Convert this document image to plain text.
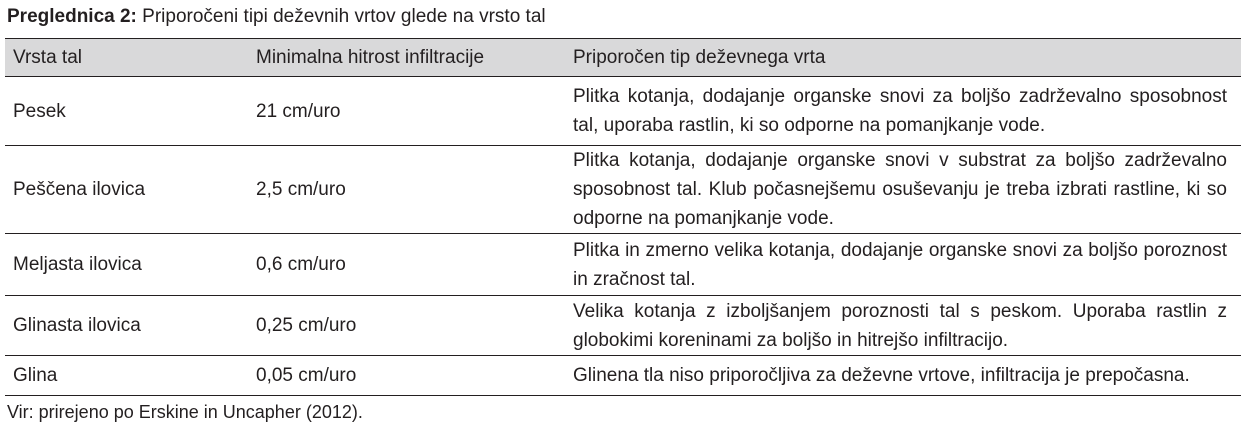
Preglednica 2: Priporočeni tipi deževnih vrtov glede na vrsto tal
Vrsta tal	Minimalna hitrost infiltracije	Priporočen tip deževnega vrta
Pesek	21 cm/uro	Plitka kotanja, dodajanje organske snovi za boljšo zadrževalno sposobnost tal, uporaba rastlin, ki so odporne na pomanjkanje vode.
Peščena ilovica	2,5 cm/uro	Plitka kotanja, dodajanje organske snovi v substrat za boljšo zadrževalno sposobnost tal. Klub počasnejšemu osuševanju je treba izbrati rastline, ki so odporne na pomanjkanje vode.
Meljasta ilovica	0,6 cm/uro	Plitka in zmerno velika kotanja, dodajanje organske snovi za boljšo poroznost in zračnost tal.
Glinasta ilovica	0,25 cm/uro	Velika kotanja z izboljšanjem poroznosti tal s peskom. Uporaba rastlin z globokimi koreninami za boljšo in hitrejšo infiltracijo.
Glina	0,05 cm/uro	Glinena tla niso priporočljiva za deževne vrtove, infiltracija je prepočasna.
Vir: prirejeno po Erskine in Uncapher (2012).
